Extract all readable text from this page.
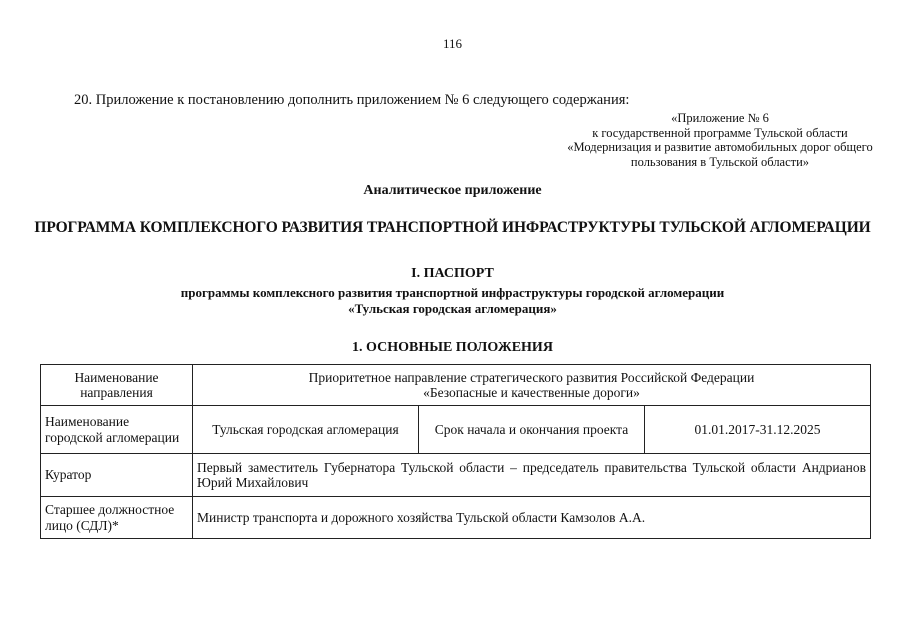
116
20. Приложение к постановлению дополнить приложением № 6 следующего содержания:
«Приложение № 6
к государственной программе Тульской области
«Модернизация и развитие автомобильных дорог общего
пользования в Тульской области»
Аналитическое приложение
ПРОГРАММА КОМПЛЕКСНОГО РАЗВИТИЯ ТРАНСПОРТНОЙ ИНФРАСТРУКТУРЫ ТУЛЬСКОЙ АГЛОМЕРАЦИИ
I. ПАСПОРТ
программы комплексного развития транспортной инфраструктуры городской агломерации
«Тульская городская агломерация»
1. ОСНОВНЫЕ ПОЛОЖЕНИЯ
Наименование направления	Приоритетное направление стратегического развития Российской Федерации
«Безопасные и качественные дороги»		

Наименование городской агломерации	Тульская городская агломерация	Срок начала и окончания проекта	01.01.2017-31.12.2025
Куратор	Первый заместитель Губернатора Тульской области – председатель правительства Тульской области Андрианов Юрий Михайлович		
Старшее должностное лицо (СДЛ)*	Министр транспорта и дорожного хозяйства Тульской области Камзолов А.А.		
